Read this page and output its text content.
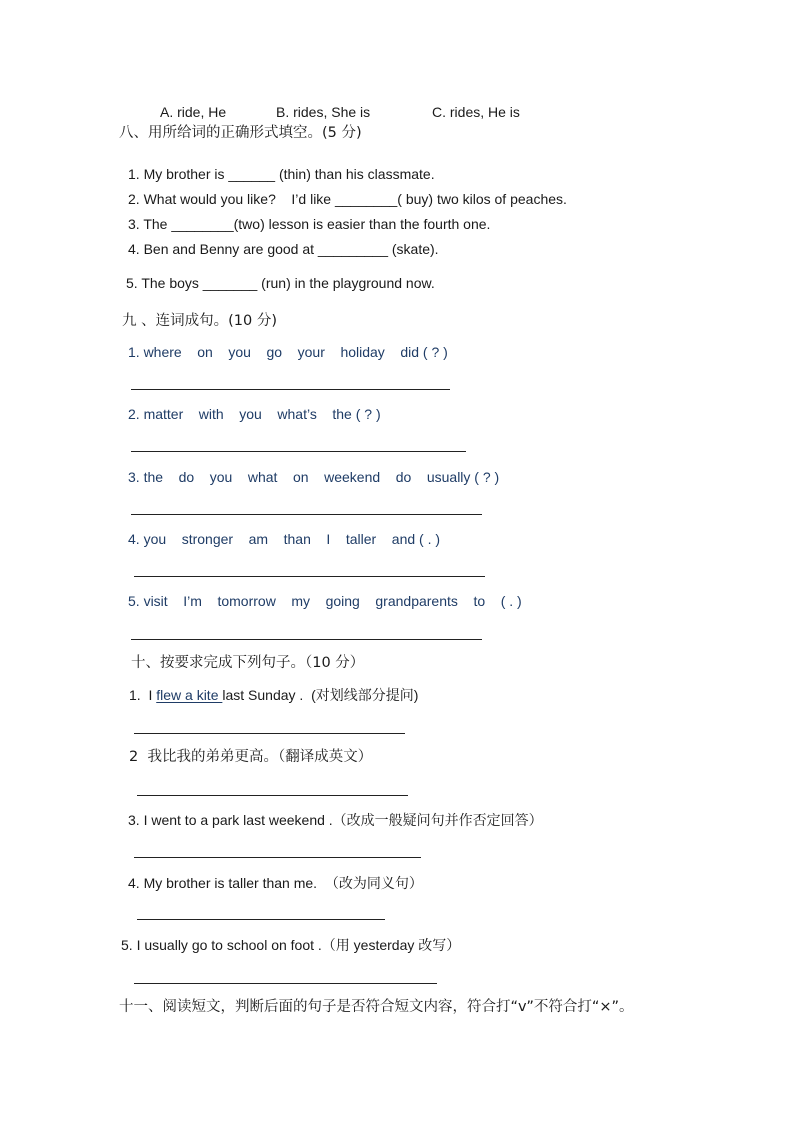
A. ride, He	B. rides, She is	C. rides, He is
八、用所给词的正确形式填空。(5 分)
1. My brother is ______ (thin) than his classmate.
2. What would you like?    I’d like ________( buy) two kilos of peaches.
3. The ________(two) lesson is easier than the fourth one.
4. Ben and Benny are good at _________ (skate).
5. The boys _______ (run) in the playground now.
九 、连词成句。(10 分)
1. where    on    you    go    your    holiday    did ( ? )
2. matter    with    you    what’s    the ( ? )
3. the    do    you    what    on    weekend    do    usually ( ? )
4. you    stronger    am    than    I    taller    and ( . )
5. visit    I’m    tomorrow    my    going    grandparents    to    ( . )
十、按要求完成下列句子。（10 分）
1.  I flew a kite last Sunday .  (对划线部分提问)
2  我比我的弟弟更高。（翻译成英文）
3. I went to a park last weekend .（改成一般疑问句并作否定回答）
4. My brother is taller than me.  （改为同义句）
5. I usually go to school on foot .（用 yesterday 改写）
十一、阅读短文，判断后面的句子是否符合短文内容，符合打“v”不符合打“×”。
